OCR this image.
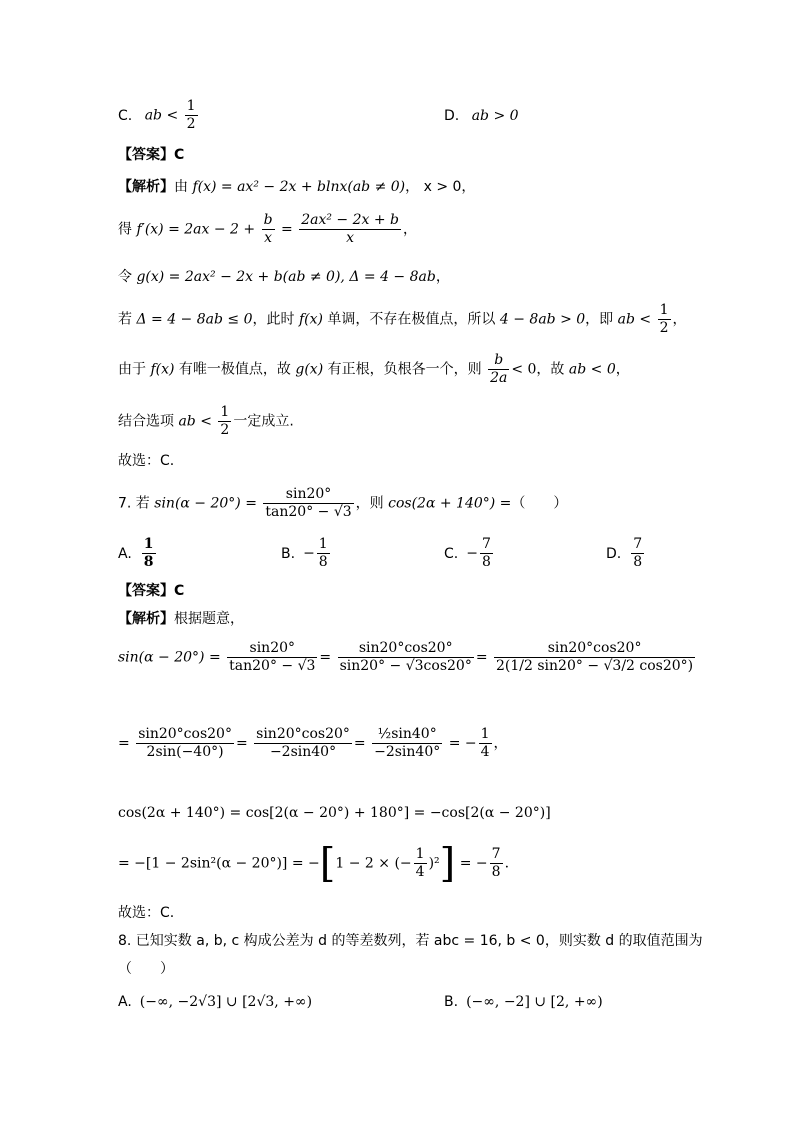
C. ab < $\frac{1}{2}$	D. ab > 0
【答案】C
【解析】由 f(x) = ax² − 2x + blnx(ab ≠ 0)， x > 0，
得 $f'(x) = 2ax - 2 + \frac{b}{x} = \frac{\text{2ax² − 2x + b}}{x}$ ，
令 g(x) = 2ax² − 2x + b(ab ≠ 0), Δ = 4 − 8ab，
若 Δ = 4 − 8ab ≤ 0，此时 f(x) 单调，不存在极值点，所以 4 − 8ab > 0，即 ab < $\frac{1}{2}$ ，
由于 f(x) 有唯一极值点，故 g(x) 有正根，负根各一个，则 $\frac{b}{2a} < 0$，故 ab < 0，
结合选项 ab < $\frac{1}{2}$ 一定成立.
故选：C.
7. 若 $\sin(\alpha - 20^\circ) = \frac{\sin 20^\circ}{\tan 20^\circ - √3}$ ，则 cos(2α + 140°) =（　　）
A. $\frac{1}{8}$	B. − $\frac{1}{8}$	C. − $\frac{7}{8}$	D. $\frac{7}{8}$
【答案】C
【解析】根据题意，
$\sin(\alpha - 20^\circ) = \frac{\sin 20^\circ}{\tan 20^\circ - √3} = \frac{\sin 20^\circ\cos 20^\circ}{\sin 20^\circ - √3\cos 20^\circ} = \frac{\sin 20^\circ\cos 20^\circ}{2(1/2 \sin 20^\circ - √3/2 \cos 20^\circ)}$
= $\frac{\sin 20^\circ\cos 20^\circ}{2\sin(-40^\circ)} = \frac{\sin 20^\circ\cos 20^\circ}{-2\sin 40^\circ} = \frac{\text{½sin40°}}{-2\sin 40^\circ}$ = − $\frac{1}{4}$ ，
cos(2α + 140°) = cos[2(α − 20°) + 180°] = −cos[2(α − 20°)]
= −[1 − 2sin²(α − 20°)] = −[1 − 2 × (− $\frac{1}{4} )^2$] = − $\frac{7}{8}$ .
故选：C.
8. 已知实数 a, b, c 构成公差为 d 的等差数列，若 abc = 16, b < 0，则实数 d 的取值范围为
（　　）
A. (−∞, −2√3] ∪ [2√3, +∞)	B. (−∞, −2] ∪ [2, +∞)
